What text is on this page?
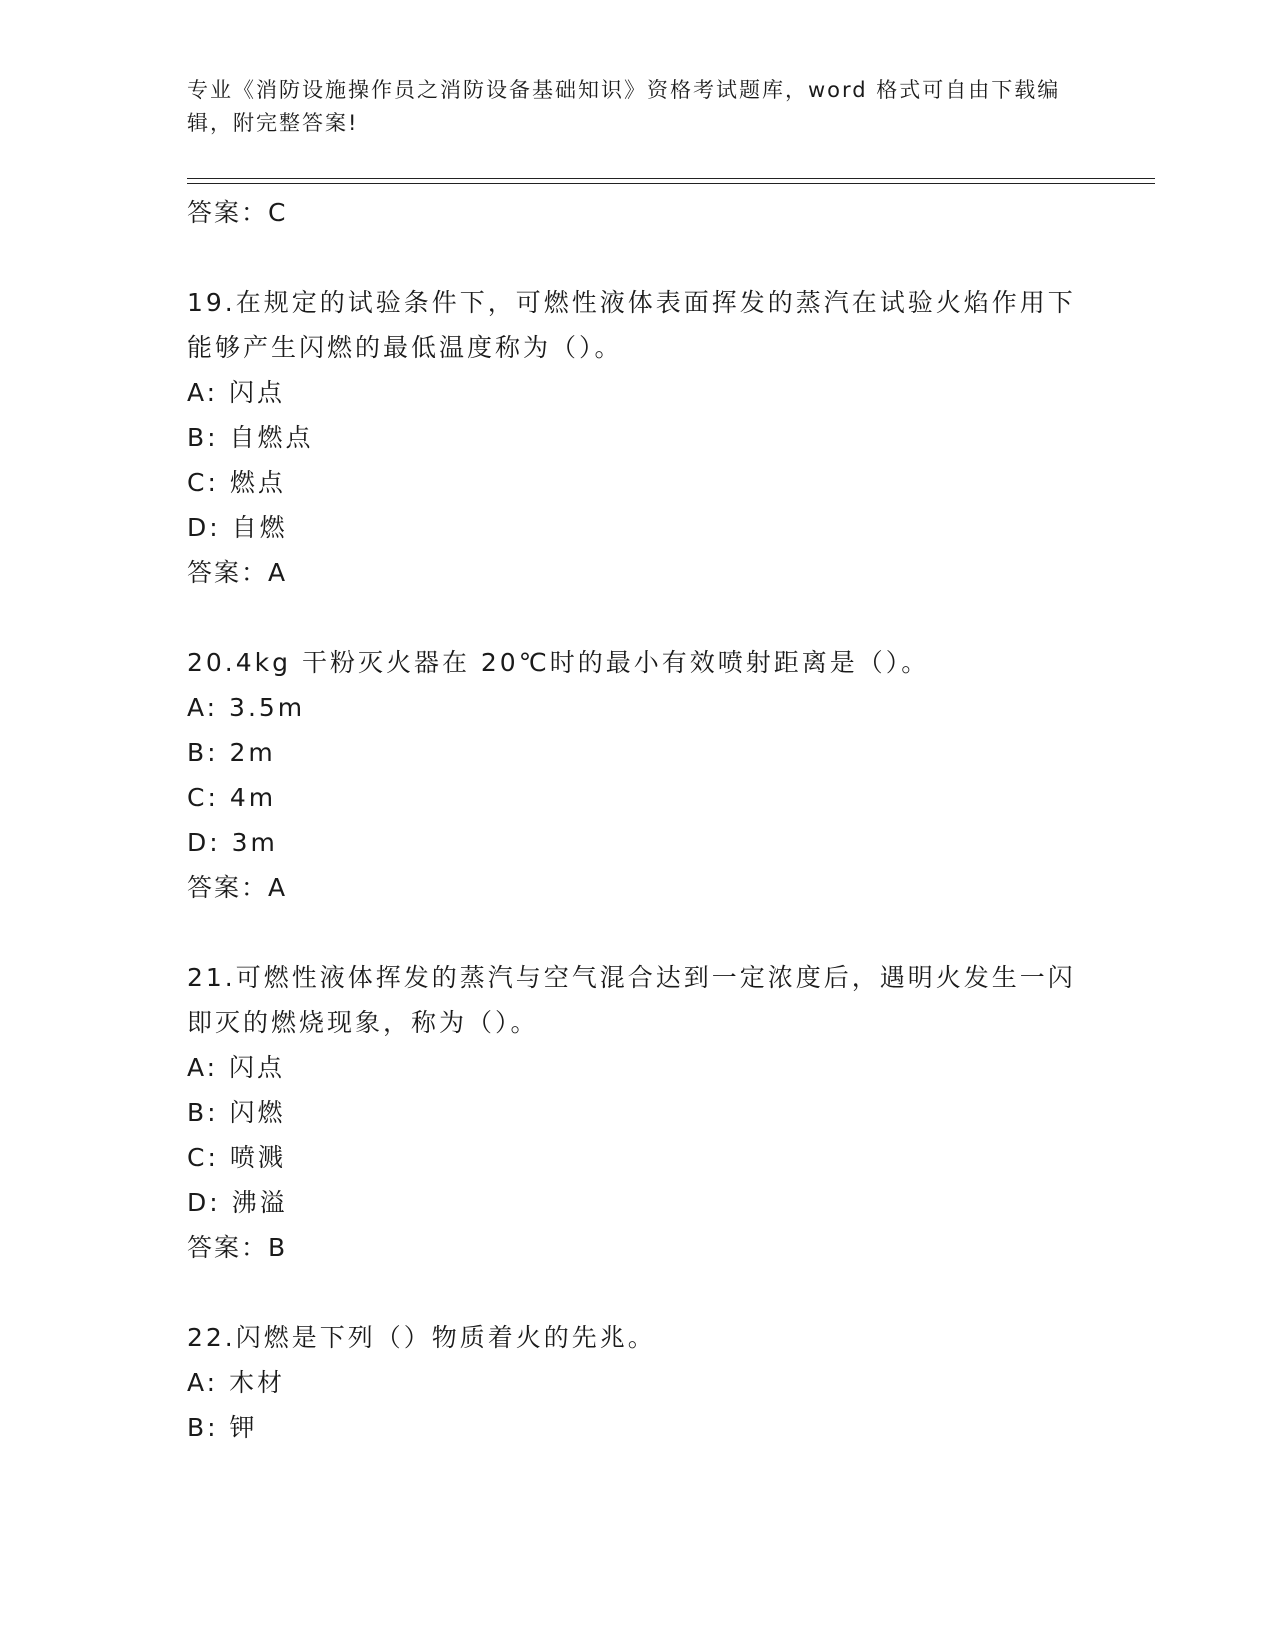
专业《消防设施操作员之消防设备基础知识》资格考试题库，word 格式可自由下载编辑，附完整答案!

答案：C

19.在规定的试验条件下，可燃性液体表面挥发的蒸汽在试验火焰作用下能够产生闪燃的最低温度称为（）。

A: 闪点

B: 自燃点

C: 燃点

D: 自燃

答案：A

20.4kg 干粉灭火器在 20℃时的最小有效喷射距离是（）。

A: 3.5m

B: 2m

C: 4m

D: 3m

答案：A

21.可燃性液体挥发的蒸汽与空气混合达到一定浓度后，遇明火发生一闪即灭的燃烧现象，称为（）。

A: 闪点

B: 闪燃

C: 喷溅

D: 沸溢

答案：B

22.闪燃是下列（）物质着火的先兆。

A: 木材

B: 钾
